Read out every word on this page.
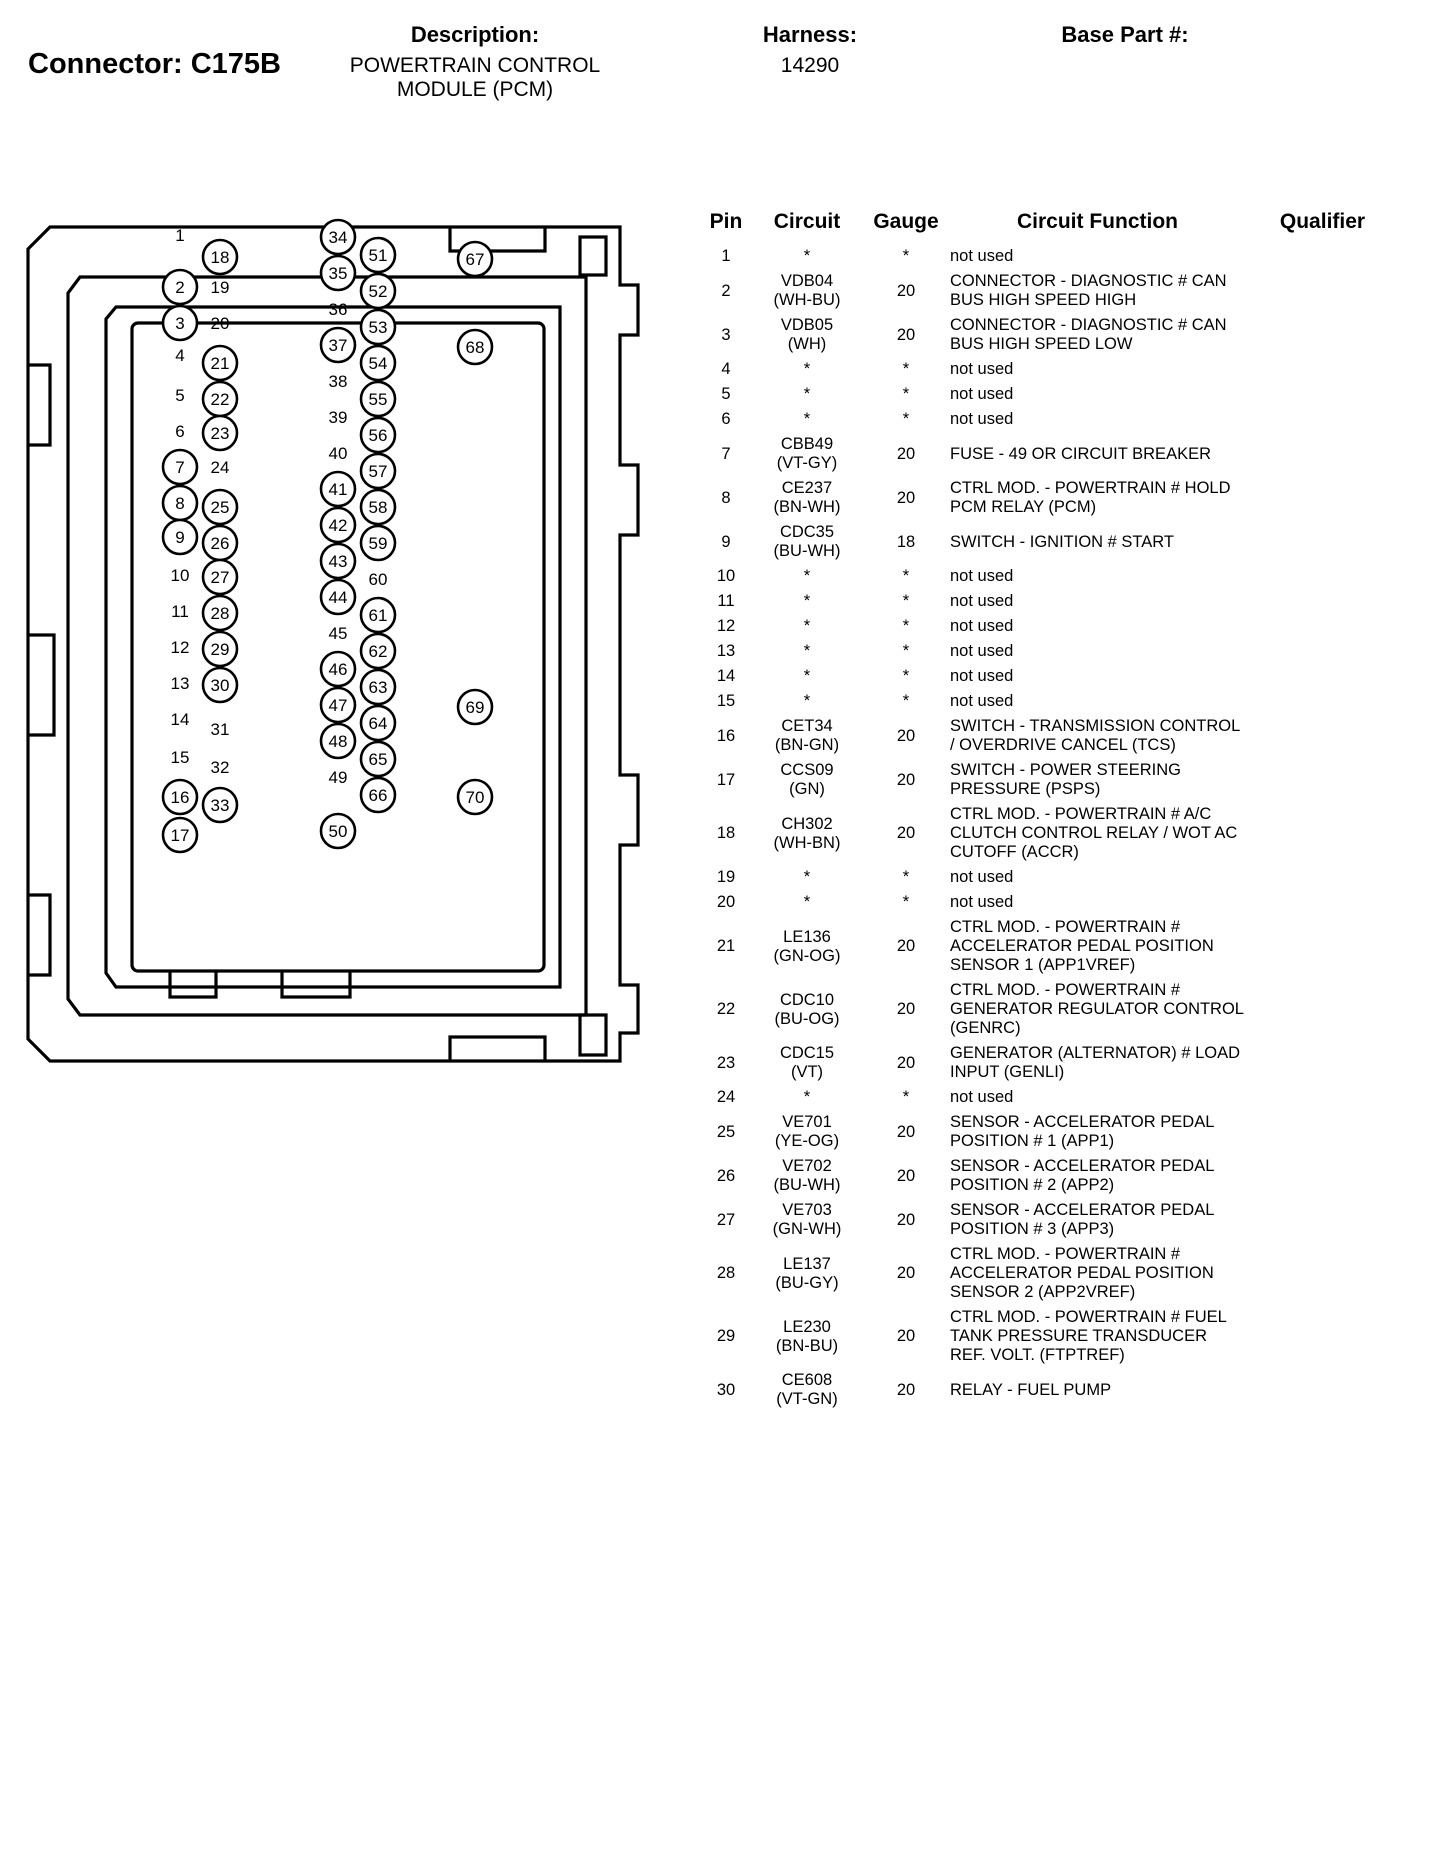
Connector: C175B
Description:
POWERTRAIN CONTROL MODULE (PCM)
Harness:
14290
Base Part #:
1
18
2 19
3 20
4 21
5 22
6 23
7 24
8 25
9 26
10 27
11 28
12 29
13 30
14
31
15
32
16 33
17
34
51
35
52
36
53
37
54
38
55
39
56
40
57
41
58
42
59
43
60
44
61
45
62
46
63
47
64
48
65
49
66
50
67
68
69
70
Pin	Circuit	Gauge	Circuit Function	Qualifier
1	*	*	not used	
2	VDB04
(WH-BU)	20	CONNECTOR - DIAGNOSTIC # CAN BUS HIGH SPEED HIGH	
3	VDB05
(WH)	20	CONNECTOR - DIAGNOSTIC # CAN BUS HIGH SPEED LOW	
4	*	*	not used	
5	*	*	not used	
6	*	*	not used	
7	CBB49
(VT-GY)	20	FUSE - 49 OR CIRCUIT BREAKER	
8	CE237
(BN-WH)	20	CTRL MOD. - POWERTRAIN # HOLD PCM RELAY (PCM)	
9	CDC35
(BU-WH)	18	SWITCH - IGNITION # START	
10	*	*	not used	
11	*	*	not used	
12	*	*	not used	
13	*	*	not used	
14	*	*	not used	
15	*	*	not used	
16	CET34
(BN-GN)	20	SWITCH - TRANSMISSION CONTROL / OVERDRIVE CANCEL (TCS)	
17	CCS09
(GN)	20	SWITCH - POWER STEERING PRESSURE (PSPS)	
18	CH302
(WH-BN)	20	CTRL MOD. - POWERTRAIN # A/C CLUTCH CONTROL RELAY / WOT AC CUTOFF (ACCR)	
19	*	*	not used	
20	*	*	not used	
21	LE136
(GN-OG)	20	CTRL MOD. - POWERTRAIN # ACCELERATOR PEDAL POSITION SENSOR 1 (APP1VREF)	
22	CDC10
(BU-OG)	20	CTRL MOD. - POWERTRAIN # GENERATOR REGULATOR CONTROL (GENRC)	
23	CDC15
(VT)	20	GENERATOR (ALTERNATOR) # LOAD INPUT (GENLI)	
24	*	*	not used	
25	VE701
(YE-OG)	20	SENSOR - ACCELERATOR PEDAL POSITION # 1 (APP1)	
26	VE702
(BU-WH)	20	SENSOR - ACCELERATOR PEDAL POSITION # 2 (APP2)	
27	VE703
(GN-WH)	20	SENSOR - ACCELERATOR PEDAL POSITION # 3 (APP3)	
28	LE137
(BU-GY)	20	CTRL MOD. - POWERTRAIN # ACCELERATOR PEDAL POSITION SENSOR 2 (APP2VREF)	
29	LE230
(BN-BU)	20	CTRL MOD. - POWERTRAIN # FUEL TANK PRESSURE TRANSDUCER REF. VOLT. (FTPTREF)	
30	CE608
(VT-GN)	20	RELAY - FUEL PUMP	
